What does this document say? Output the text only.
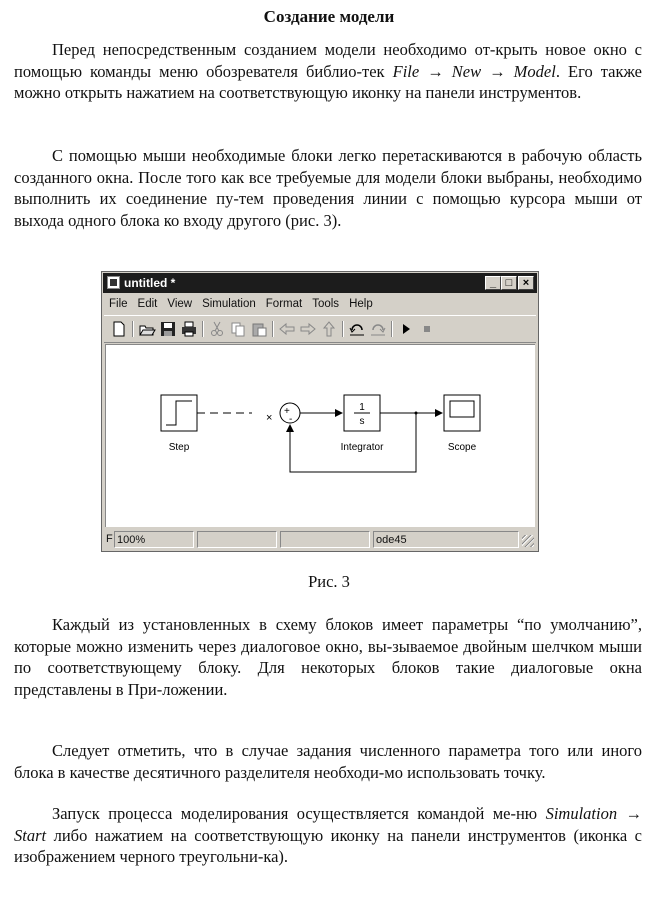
Создание модели

Перед непосредственным созданием модели необходимо от-крыть новое окно с помощью команды меню обозревателя библио-тек File → New → Model. Его также можно открыть нажатием на соответствующую иконку на панели инструментов.

С помощью мыши необходимые блоки легко перетаскиваются в рабочую область созданного окна. После того как все требуемые для модели блоки выбраны, необходимо выполнить их соединение пу-тем проведения линии с помощью курсора мыши от выхода одного блока ко входу другого (рис. 3).

untitled *	_ □ ×
File Edit View Simulation Format Tools Help
Step
×
+
-
1
s
Integrator	Scope
F 100%	ode45
Рис. 3

Каждый из установленных в схему блоков имеет параметры “по умолчанию”, которые можно изменить через диалоговое окно, вы-зываемое двойным шелчком мыши по соответствующему блоку. Для некоторых блоков такие диалоговые окна представлены в При-ложении.

Следует отметить, что в случае задания численного параметра того или иного блока в качестве десятичного разделителя необходи-мо использовать точку.

Запуск процесса моделирования осуществляется командой ме-ню Simulation → Start либо нажатием на соответствующую иконку на панели инструментов (иконка с изображением черного треугольни-ка).
